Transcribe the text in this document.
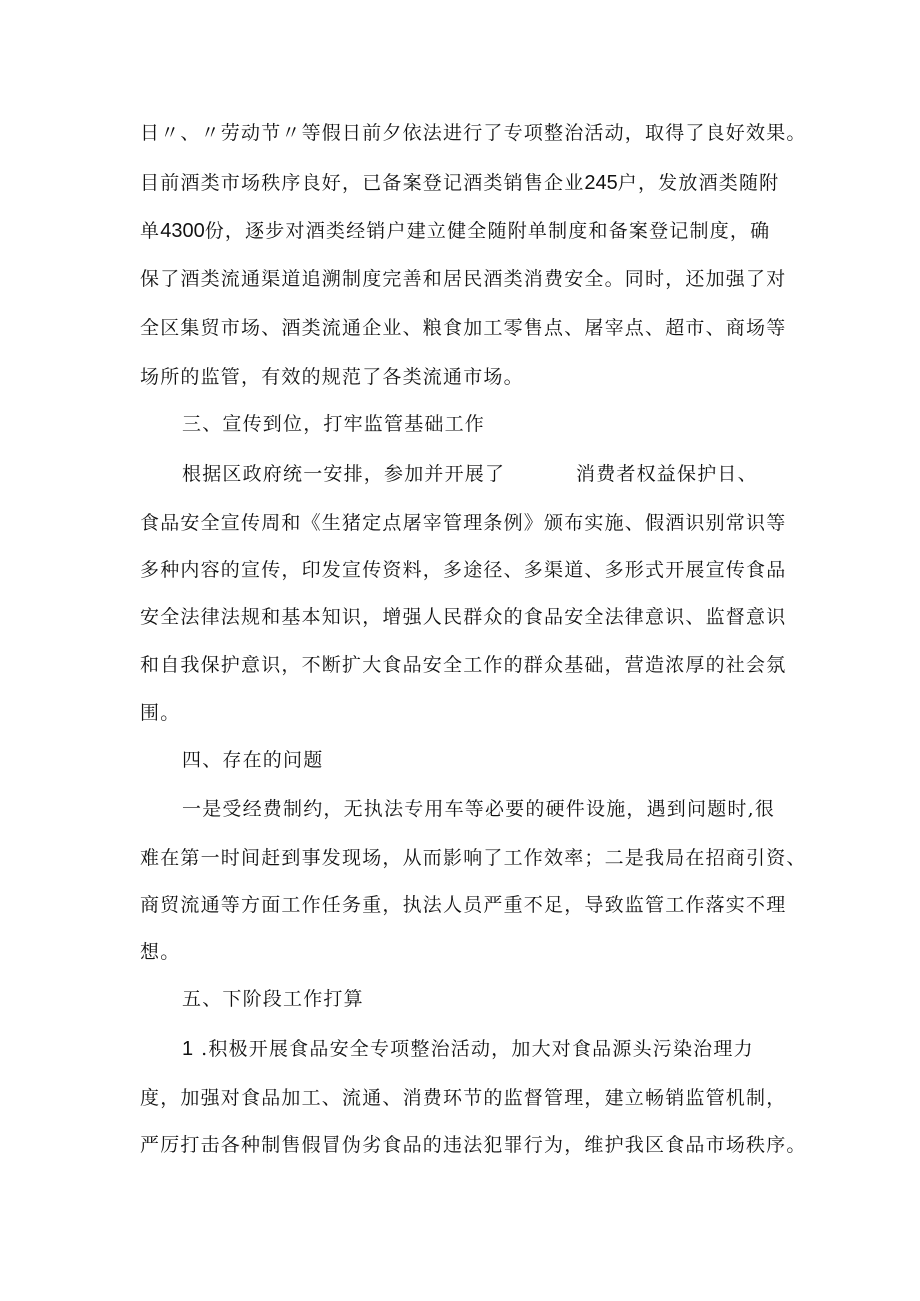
日〃、〃劳动节〃等假日前夕依法进行了专项整治活动，取得了良好效果。
目前酒类市场秩序良好，已备案登记酒类销售企业245户，发放酒类随附
单4300份，逐步对酒类经销户建立健全随附单制度和备案登记制度，确
保了酒类流通渠道追溯制度完善和居民酒类消费安全。同时，还加强了对
全区集贸市场、酒类流通企业、粮食加工零售点、屠宰点、超市、商场等
场所的监管，有效的规范了各类流通市场。
三、宣传到位，打牢监管基础工作
根据区政府统一安排，参加并开展了	消费者权益保护日、
食品安全宣传周和《生猪定点屠宰管理条例》颁布实施、假酒识别常识等
多种内容的宣传，印发宣传资料，多途径、多渠道、多形式开展宣传食品
安全法律法规和基本知识，增强人民群众的食品安全法律意识、监督意识
和自我保护意识，不断扩大食品安全工作的群众基础，营造浓厚的社会氛
围。
四、存在的问题
一是受经费制约，无执法专用车等必要的硬件设施，遇到问题时,很
难在第一时间赶到事发现场，从而影响了工作效率；二是我局在招商引资、
商贸流通等方面工作任务重，执法人员严重不足，导致监管工作落实不理
想。
五、下阶段工作打算
1 .积极开展食品安全专项整治活动，加大对食品源头污染治理力
度，加强对食品加工、流通、消费环节的监督管理，建立畅销监管机制，
严厉打击各种制售假冒伪劣食品的违法犯罪行为，维护我区食品市场秩序。
